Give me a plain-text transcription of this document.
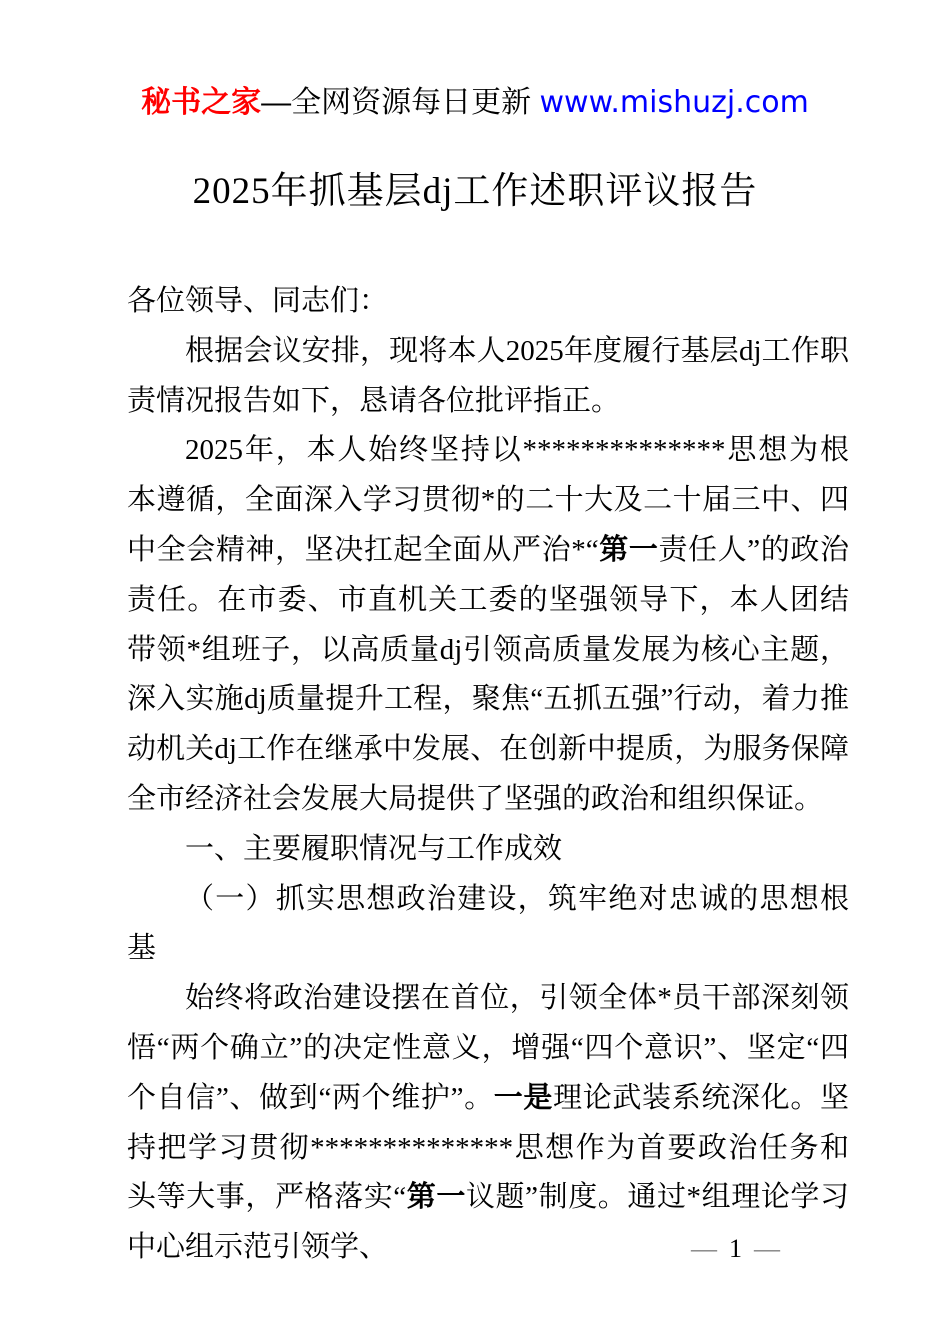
秘书之家—全网资源每日更新 www.mishuzj.com
2025年抓基层dj工作述职评议报告

各位领导、同志们：

根据会议安排，现将本人2025年度履行基层dj工作职责情况报告如下，恳请各位批评指正。

2025年，本人始终坚持以**************思想为根本遵循，全面深入学习贯彻*的二十大及二十届三中、四中全会精神，坚决扛起全面从严治*“第一责任人”的政治责任。在市委、市直机关工委的坚强领导下，本人团结带领*组班子，以高质量dj引领高质量发展为核心主题，深入实施dj质量提升工程，聚焦“五抓五强”行动，着力推动机关dj工作在继承中发展、在创新中提质，为服务保障全市经济社会发展大局提供了坚强的政治和组织保证。

一、主要履职情况与工作成效

（一）抓实思想政治建设，筑牢绝对忠诚的思想根基

始终将政治建设摆在首位，引领全体*员干部深刻领悟“两个确立”的决定性意义，增强“四个意识”、坚定“四个自信”、做到“两个维护”。一是理论武装系统深化。坚持把学习贯彻**************思想作为首要政治任务和头等大事，严格落实“第一议题”制度。通过*组理论学习中心组示范引领学、	— 1 —
